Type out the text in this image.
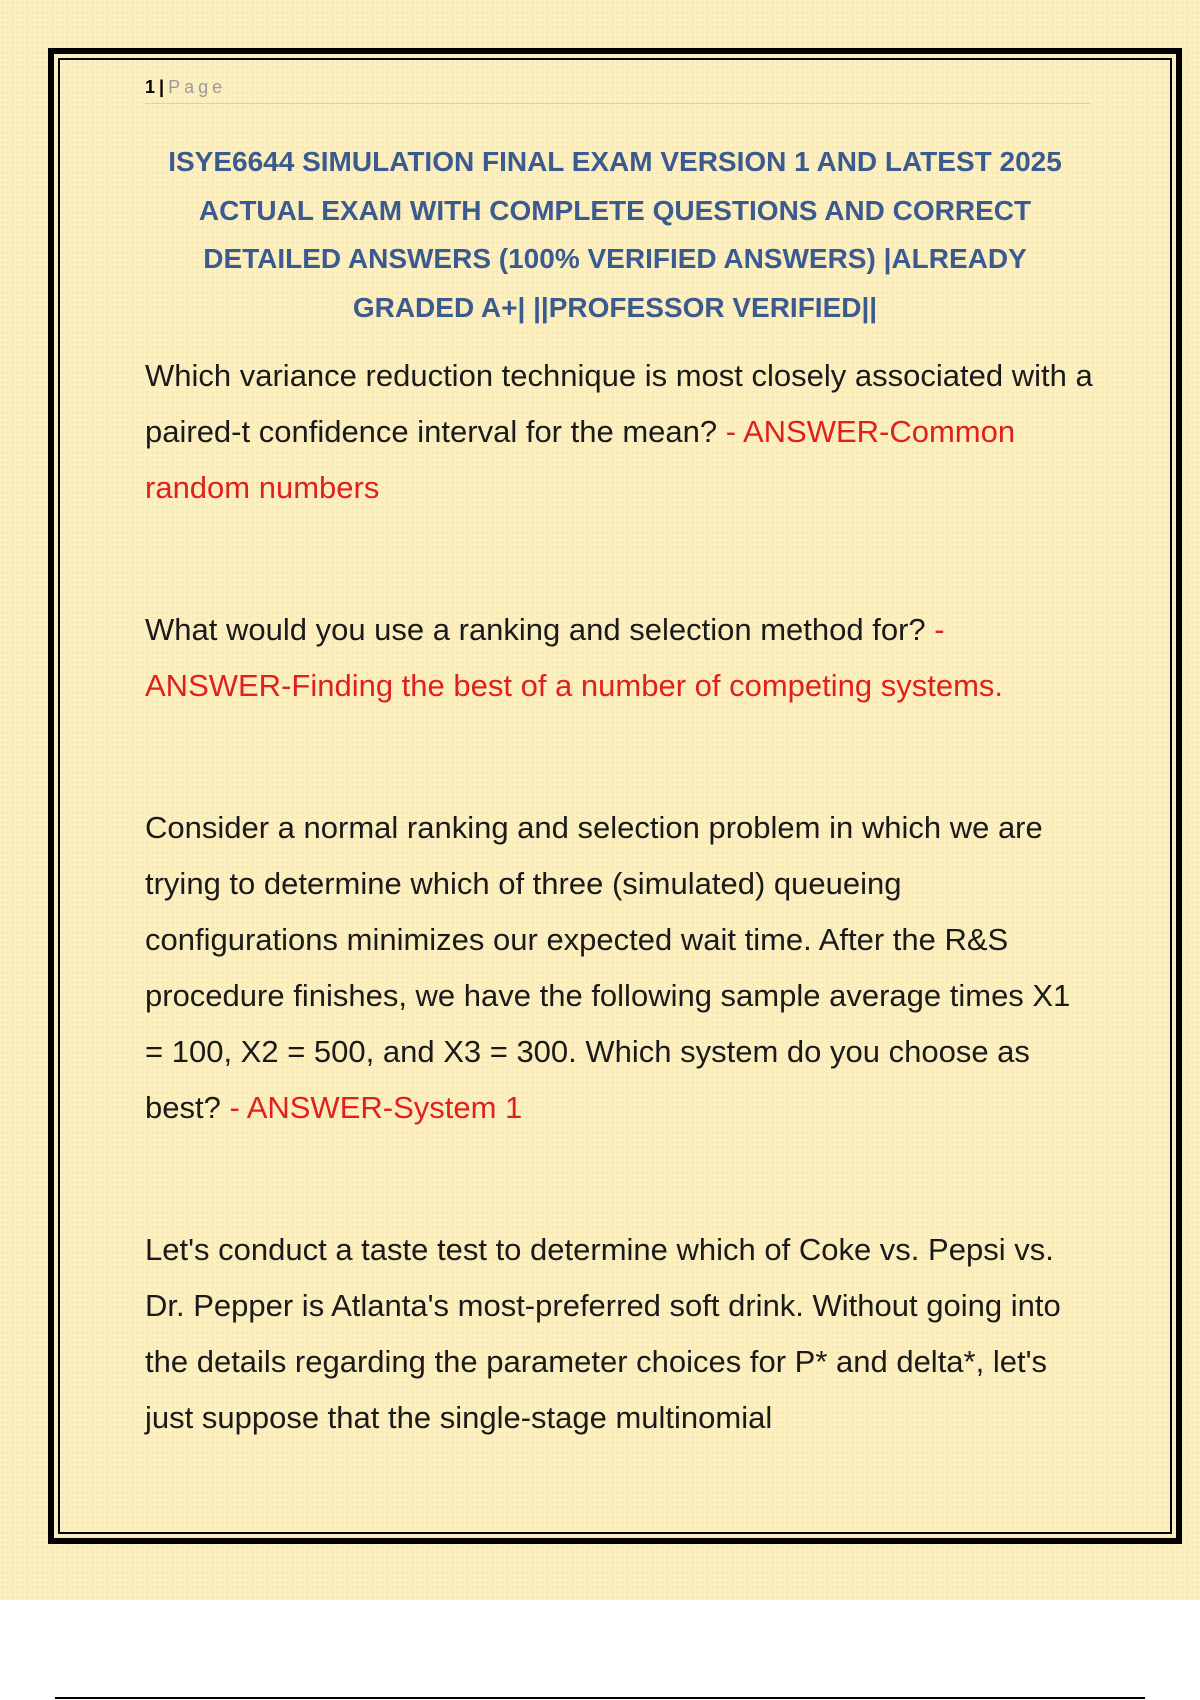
1 | Page
ISYE6644 SIMULATION FINAL EXAM VERSION 1 AND LATEST 2025 ACTUAL EXAM WITH COMPLETE QUESTIONS AND CORRECT DETAILED ANSWERS (100% VERIFIED ANSWERS) |ALREADY GRADED A+| ||PROFESSOR VERIFIED||

Which variance reduction technique is most closely associated with a paired-t confidence interval for the mean? - ANSWER-Common random numbers

What would you use a ranking and selection method for? - ANSWER-Finding the best of a number of competing systems.

Consider a normal ranking and selection problem in which we are trying to determine which of three (simulated) queueing configurations minimizes our expected wait time. After the R&S procedure finishes, we have the following sample average times X1 = 100, X2 = 500, and X3 = 300. Which system do you choose as best? - ANSWER-System 1

Let's conduct a taste test to determine which of Coke vs. Pepsi vs. Dr. Pepper is Atlanta's most-preferred soft drink. Without going into the details regarding the parameter choices for P* and delta*, let's just suppose that the single-stage multinomial
